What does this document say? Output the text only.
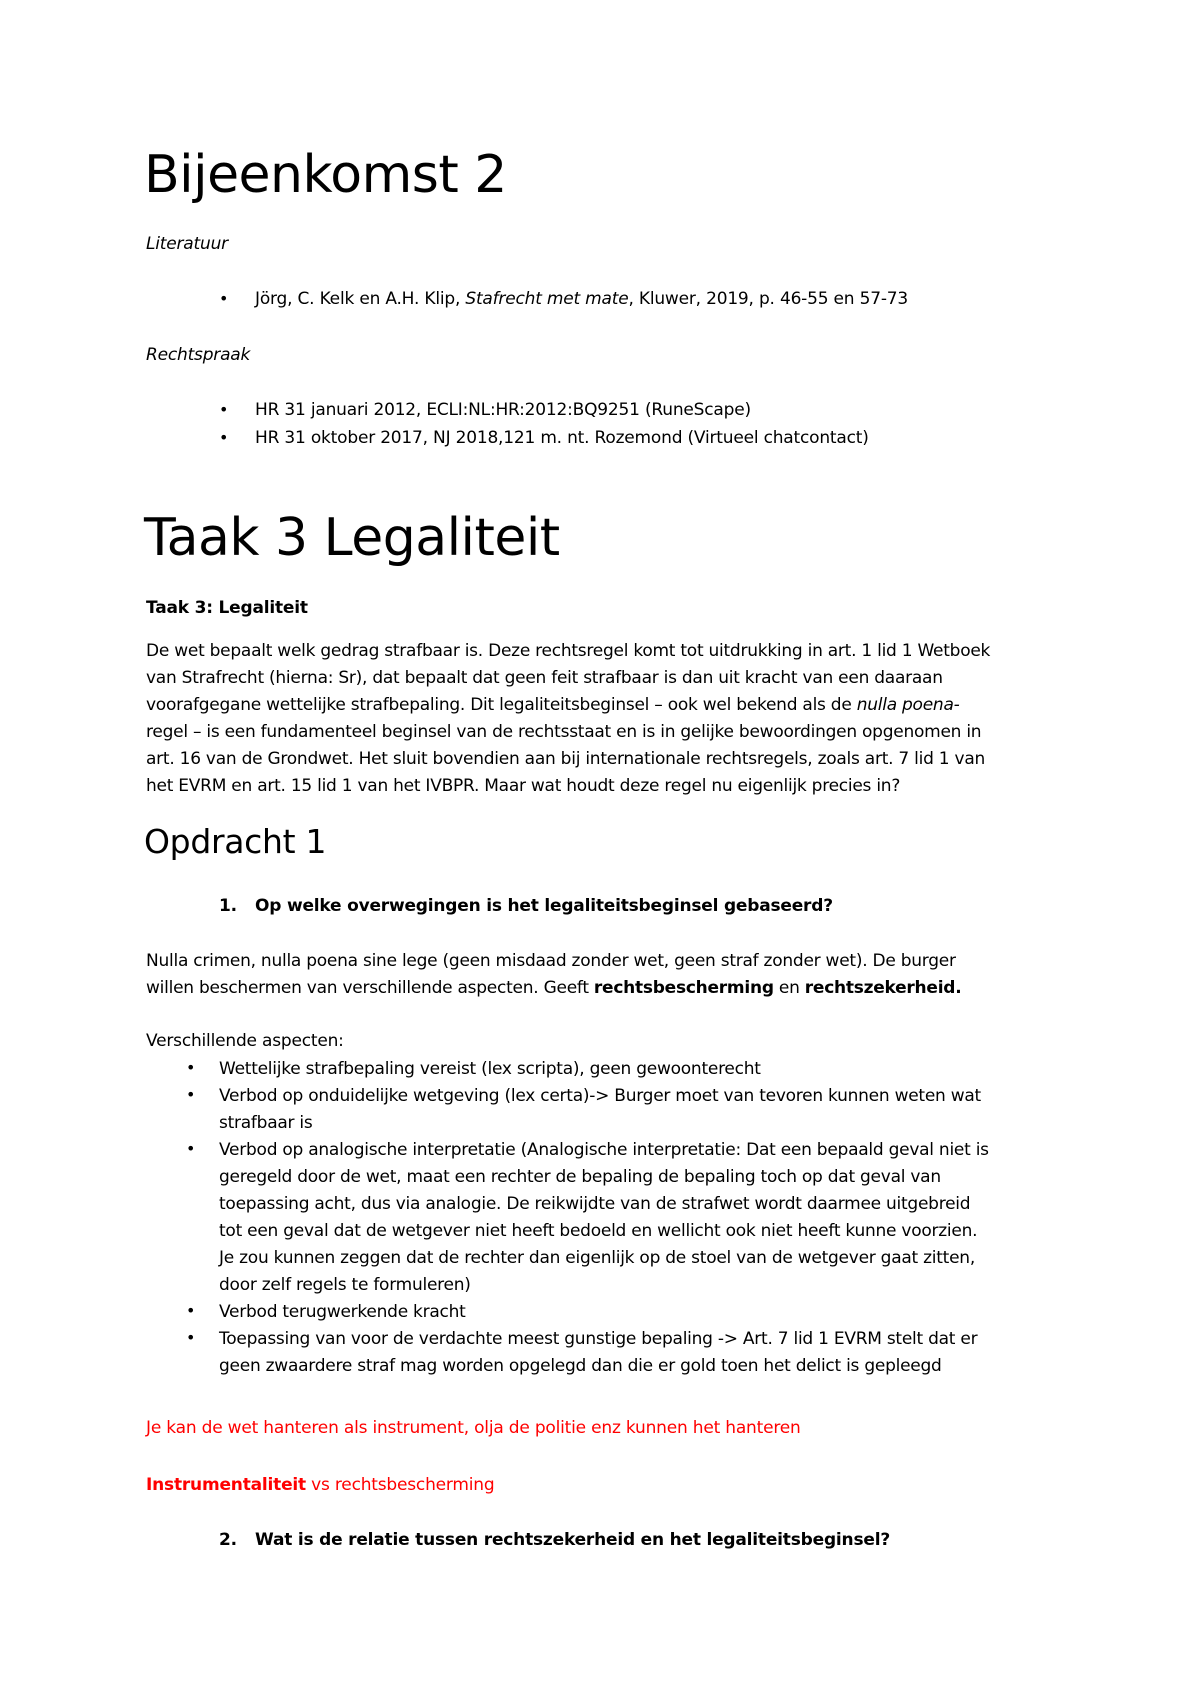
Bijeenkomst 2
Literatuur
• Jörg, C. Kelk en A.H. Klip, Stafrecht met mate, Kluwer, 2019, p. 46-55 en 57-73
Rechtspraak
• HR 31 januari 2012, ECLI:NL:HR:2012:BQ9251 (RuneScape)
• HR 31 oktober 2017, NJ 2018,121 m. nt. Rozemond (Virtueel chatcontact)
Taak 3 Legaliteit
Taak 3: Legaliteit

De wet bepaalt welk gedrag strafbaar is. Deze rechtsregel komt tot uitdrukking in art. 1 lid 1 Wetboek

van Strafrecht (hierna: Sr), dat bepaalt dat geen feit strafbaar is dan uit kracht van een daaraan

voorafgegane wettelijke strafbepaling. Dit legaliteitsbeginsel – ook wel bekend als de nulla poena-

regel – is een fundamenteel beginsel van de rechtsstaat en is in gelijke bewoordingen opgenomen in

art. 16 van de Grondwet. Het sluit bovendien aan bij internationale rechtsregels, zoals art. 7 lid 1 van

het EVRM en art. 15 lid 1 van het IVBPR. Maar wat houdt deze regel nu eigenlijk precies in?

Opdracht 1
1. Op welke overwegingen is het legaliteitsbeginsel gebaseerd?

Nulla crimen, nulla poena sine lege (geen misdaad zonder wet, geen straf zonder wet). De burger

willen beschermen van verschillende aspecten. Geeft rechtsbescherming en rechtszekerheid.

Verschillende aspecten:
• Wettelijke strafbepaling vereist (lex scripta), geen gewoonterecht

• Verbod op onduidelijke wetgeving (lex certa)-> Burger moet van tevoren kunnen weten wat

strafbaar is

• Verbod op analogische interpretatie (Analogische interpretatie: Dat een bepaald geval niet is

geregeld door de wet, maat een rechter de bepaling de bepaling toch op dat geval van

toepassing acht, dus via analogie. De reikwijdte van de strafwet wordt daarmee uitgebreid

tot een geval dat de wetgever niet heeft bedoeld en wellicht ook niet heeft kunne voorzien.

Je zou kunnen zeggen dat de rechter dan eigenlijk op de stoel van de wetgever gaat zitten,

door zelf regels te formuleren)

• Verbod terugwerkende kracht

• Toepassing van voor de verdachte meest gunstige bepaling -> Art. 7 lid 1 EVRM stelt dat er

geen zwaardere straf mag worden opgelegd dan die er gold toen het delict is gepleegd

Je kan de wet hanteren als instrument, olja de politie enz kunnen het hanteren
Instrumentaliteit vs rechtsbescherming
2. Wat is de relatie tussen rechtszekerheid en het legaliteitsbeginsel?
